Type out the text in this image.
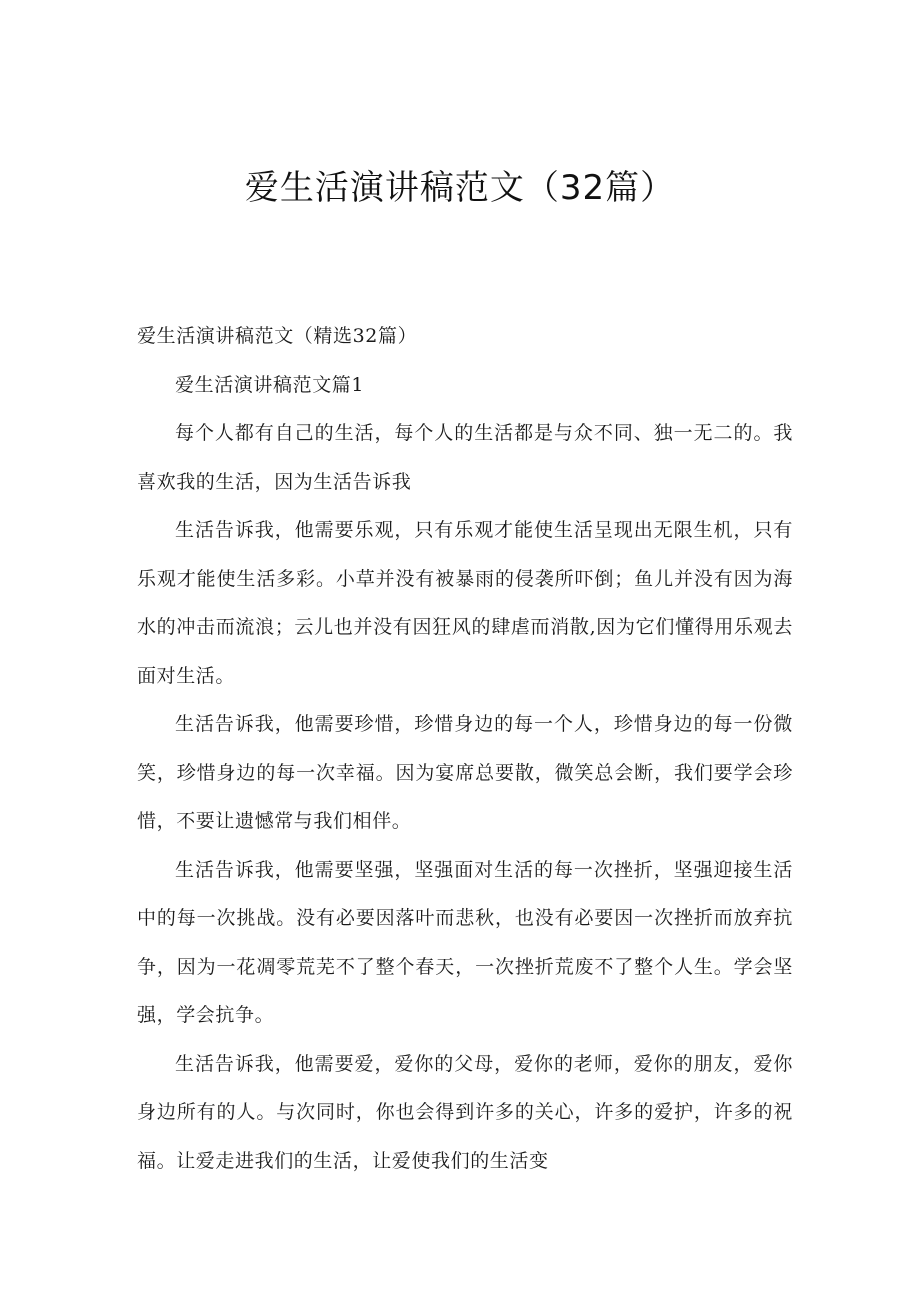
爱生活演讲稿范文（32篇）

爱生活演讲稿范文（精选32篇）

爱生活演讲稿范文篇1

每个人都有自己的生活，每个人的生活都是与众不同、独一无二的。我喜欢我的生活，因为生活告诉我

生活告诉我，他需要乐观，只有乐观才能使生活呈现出无限生机，只有乐观才能使生活多彩。小草并没有被暴雨的侵袭所吓倒；鱼儿并没有因为海水的冲击而流浪；云儿也并没有因狂风的肆虐而消散,因为它们懂得用乐观去面对生活。

生活告诉我，他需要珍惜，珍惜身边的每一个人，珍惜身边的每一份微笑，珍惜身边的每一次幸福。因为宴席总要散，微笑总会断，我们要学会珍惜，不要让遗憾常与我们相伴。

生活告诉我，他需要坚强，坚强面对生活的每一次挫折，坚强迎接生活中的每一次挑战。没有必要因落叶而悲秋，也没有必要因一次挫折而放弃抗争，因为一花凋零荒芜不了整个春天，一次挫折荒废不了整个人生。学会坚强，学会抗争。

生活告诉我，他需要爱，爱你的父母，爱你的老师，爱你的朋友，爱你身边所有的人。与次同时，你也会得到许多的关心，许多的爱护，许多的祝福。让爱走进我们的生活，让爱使我们的生活变
